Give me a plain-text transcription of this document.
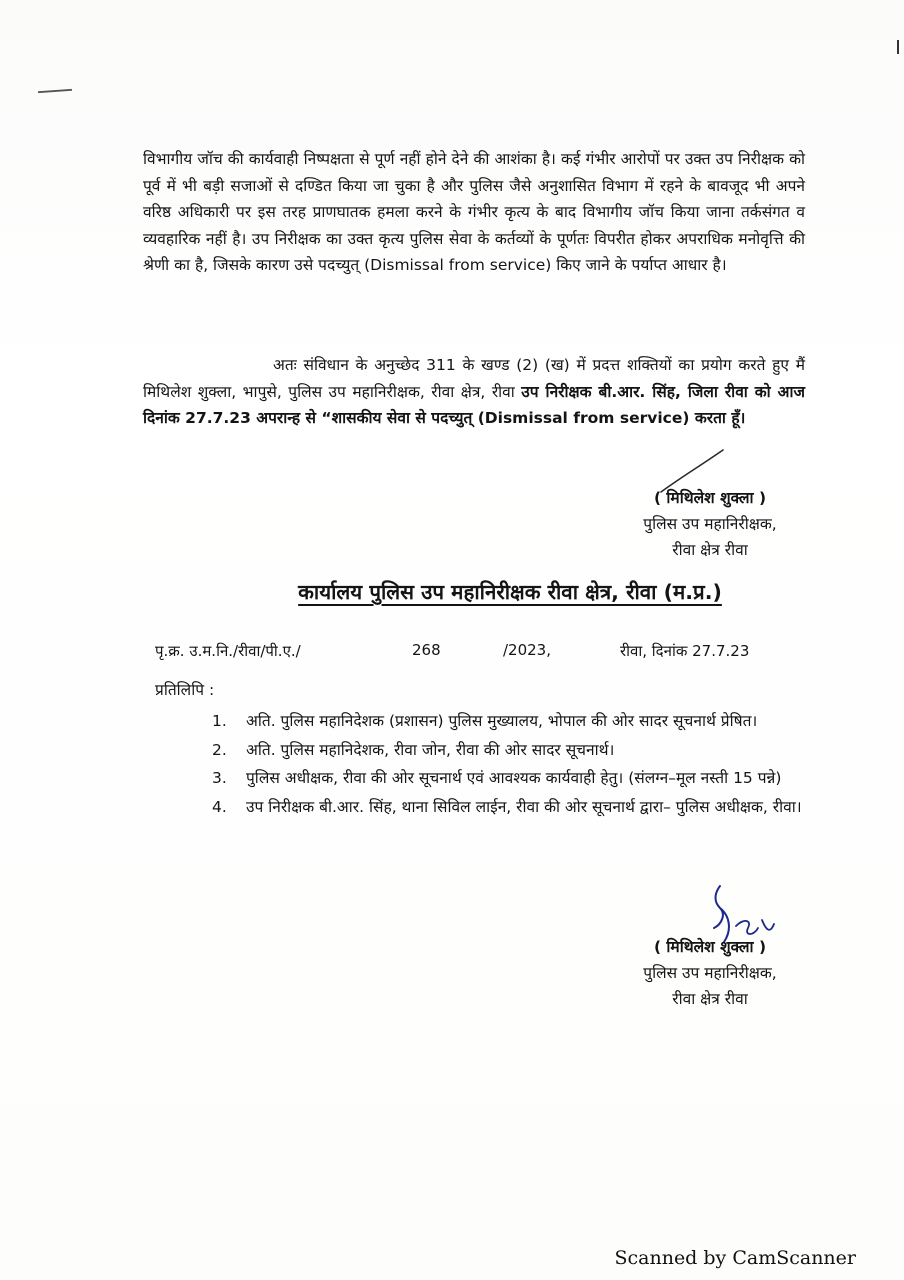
विभागीय जॉच की कार्यवाही निष्पक्षता से पूर्ण नहीं होने देने की आशंका है। कई गंभीर आरोपों पर उक्त उप निरीक्षक को पूर्व में भी बड़ी सजाओं से दण्डित किया जा चुका है और पुलिस जैसे अनुशासित विभाग में रहने के बावजूद भी अपने वरिष्ठ अधिकारी पर इस तरह प्राणघातक हमला करने के गंभीर कृत्य के बाद विभागीय जॉच किया जाना तर्कसंगत व व्यवहारिक नहीं है। उप निरीक्षक का उक्त कृत्य पुलिस सेवा के कर्तव्यों के पूर्णतः विपरीत होकर अपराधिक मनोवृत्ति की श्रेणी का है, जिसके कारण उसे पदच्युत् (Dismissal from service) किए जाने के पर्याप्त आधार है।

अतः संविधान के अनुच्छेद 311 के खण्ड (2) (ख) में प्रदत्त शक्तियों का प्रयोग करते हुए मैं मिथिलेश शुक्ला, भापुसे, पुलिस उप महानिरीक्षक, रीवा क्षेत्र, रीवा उप निरीक्षक बी.आर. सिंह, जिला रीवा को आज दिनांक 27.7.23 अपरान्ह से “शासकीय सेवा से पदच्युत् (Dismissal from service) करता हूँ।

( मिथिलेश शुक्ला )
पुलिस उप महानिरीक्षक,
रीवा क्षेत्र रीवा
कार्यालय पुलिस उप महानिरीक्षक रीवा क्षेत्र, रीवा (म.प्र.)
पृ.क्र. उ.म.नि./रीवा/पी.ए./	268	/2023,	रीवा, दिनांक 27.7.23
प्रतिलिपि :
1. अति. पुलिस महानिदेशक (प्रशासन) पुलिस मुख्यालय, भोपाल की ओर सादर सूचनार्थ प्रेषित।
2. अति. पुलिस महानिदेशक, रीवा जोन, रीवा की ओर सादर सूचनार्थ।
3. पुलिस अधीक्षक, रीवा की ओर सूचनार्थ एवं आवश्यक कार्यवाही हेतु। (संलग्न–मूल नस्ती 15 पन्ने)
4. उप निरीक्षक बी.आर. सिंह, थाना सिविल लाईन, रीवा की ओर सूचनार्थ द्वारा– पुलिस अधीक्षक, रीवा।
( मिथिलेश शुक्ला )
पुलिस उप महानिरीक्षक,
रीवा क्षेत्र रीवा
Scanned by CamScanner
